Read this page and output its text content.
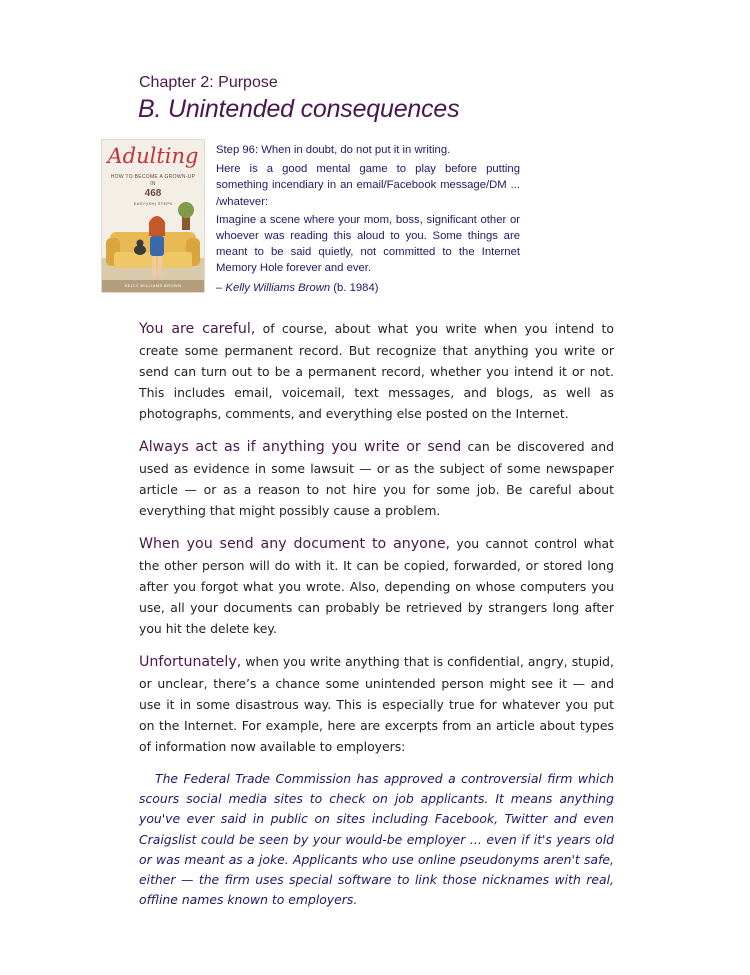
Chapter 2: Purpose
B. Unintended consequences
Adulting
HOW TO BECOME A GROWN-UP IN
468
EASY(ISH) STEPS
KELLY WILLIAMS BROWN

Step 96: When in doubt, do not put it in writing.

Here is a good mental game to play before putting something incendiary in an email/Facebook message/DM ... /whatever:

Imagine a scene where your mom, boss, significant other or whoever was reading this aloud to you. Some things are meant to be said quietly, not committed to the Internet Memory Hole forever and ever.

– Kelly Williams Brown (b. 1984)

You are careful, of course, about what you write when you intend to create some permanent record. But recognize that anything you write or send can turn out to be a permanent record, whether you intend it or not. This includes email, voicemail, text messages, and blogs, as well as photographs, comments, and everything else posted on the Internet.

Always act as if anything you write or send can be discovered and used as evidence in some lawsuit — or as the subject of some newspaper article — or as a reason to not hire you for some job. Be careful about everything that might possibly cause a problem.

When you send any document to anyone, you cannot control what the other person will do with it. It can be copied, forwarded, or stored long after you forgot what you wrote. Also, depending on whose computers you use, all your documents can probably be retrieved by strangers long after you hit the delete key.

Unfortunately, when you write anything that is confidential, angry, stupid, or unclear, there’s a chance some unintended person might see it — and use it in some disastrous way. This is especially true for whatever you put on the Internet. For example, here are excerpts from an article about types of information now available to employers:

The Federal Trade Commission has approved a controversial firm which scours social media sites to check on job applicants. It means anything you've ever said in public on sites including Facebook, Twitter and even Craigslist could be seen by your would-be employer ... even if it's years old or was meant as a joke. Applicants who use online pseudonyms aren't safe, either — the firm uses special software to link those nicknames with real, offline names known to employers.
